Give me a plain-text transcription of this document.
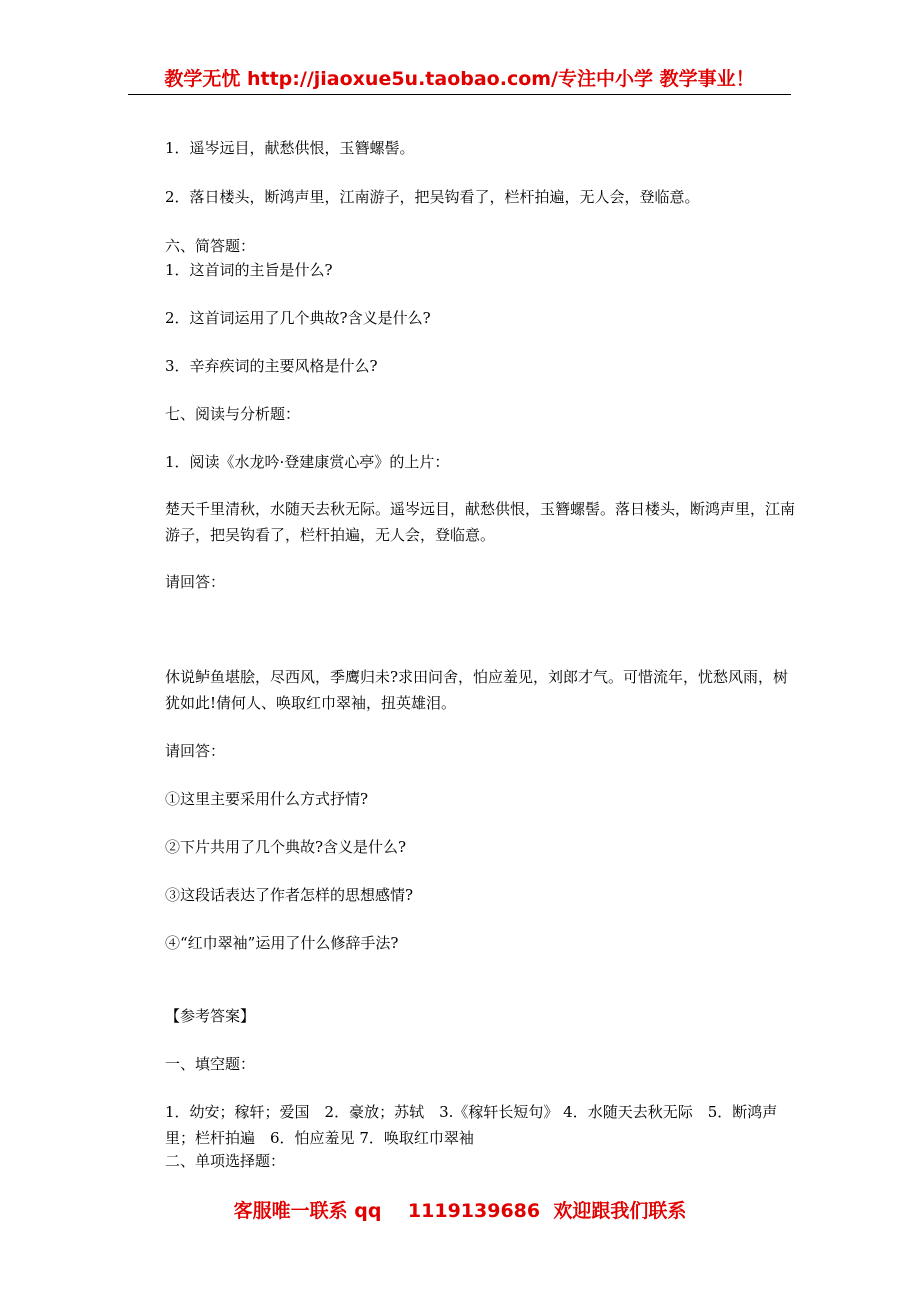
教学无忧 http://jiaoxue5u.taobao.com/专注中小学 教学事业！
1．遥岑远目，献愁供恨，玉簪螺髻。
2．落日楼头，断鸿声里，江南游子，把吴钩看了，栏杆拍遍，无人会，登临意。
六、简答题：
1．这首词的主旨是什么?
2．这首词运用了几个典故?含义是什么?
3．辛弃疾词的主要风格是什么?
七、阅读与分析题：
1．阅读《水龙吟·登建康赏心亭》的上片：
楚天千里清秋，水随天去秋无际。遥岑远目，献愁供恨，玉簪螺髻。落日楼头，断鸿声里，江南游子，把吴钩看了，栏杆拍遍，无人会，登临意。
请回答：
休说鲈鱼堪脍，尽西风，季鹰归未?求田问舍，怕应羞见，刘郎才气。可惜流年，忧愁风雨，树犹如此!倩何人、唤取红巾翠袖，扭英雄泪。
请回答：
①这里主要采用什么方式抒情?
②下片共用了几个典故?含义是什么?
③这段话表达了作者怎样的思想感情?
④“红巾翠袖”运用了什么修辞手法?
【参考答案】
一、填空题：
1．幼安；稼轩；爱国　2．豪放；苏轼　3.《稼轩长短句》 4．水随天去秋无际　5．断鸿声里；栏杆拍遍　6．怕应羞见 7．唤取红巾翠袖
二、单项选择题：
客服唯一联系 qq    1119139686  欢迎跟我们联系
